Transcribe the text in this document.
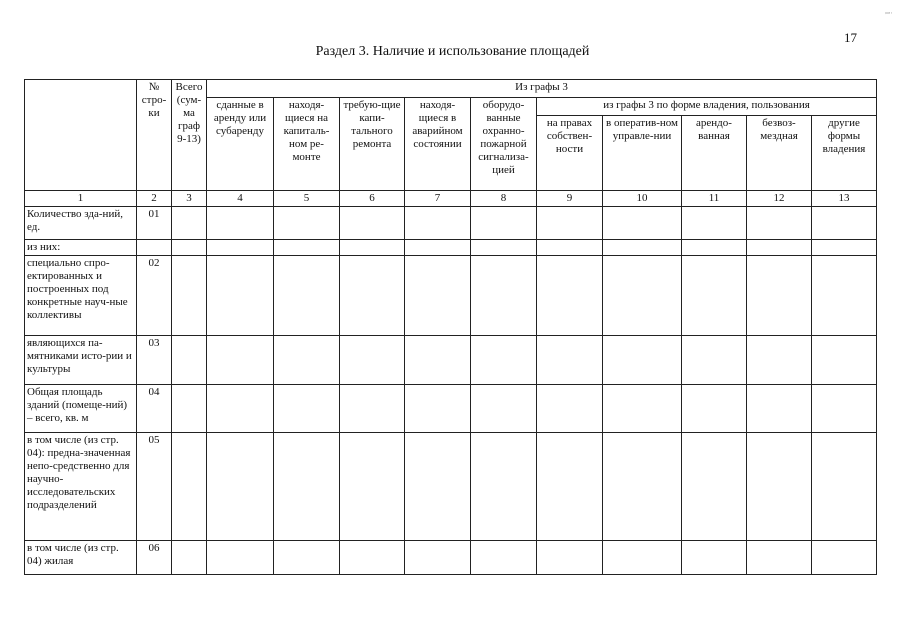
i
17
Раздел 3. Наличие и использование площадей
	№ стро-ки	Всего (сум-ма граф 9-13)	Из графы 3									
			сданные в аренду или субаренду	находя-щиеся на капиталь-ном ре-монте	требую-щие капи-тального ремонта	находя-щиеся в аварийном состоянии	оборудо-ванные охранно-пожарной сигнализа-цией	из графы 3 по форме владения, пользования				
								на правах собствен-ности	в оператив-ном управле-нии	арендо-ванная	безвоз-мездная	другие формы владения
1	2	3	4	5	6	7	8	9	10	11	12	13
Количество зда-ний, ед.	01											
из них:												
специально спро-ектированных и построенных под конкретные науч-ные коллективы	02											
являющихся па-мятниками исто-рии и культуры	03											
Общая площадь зданий (помеще-ний) – всего, кв. м	04											
в том числе (из стр. 04): предна-значенная непо-средственно для научно-исследовательских подразделений	05											
в том числе (из стр. 04) жилая	06											
